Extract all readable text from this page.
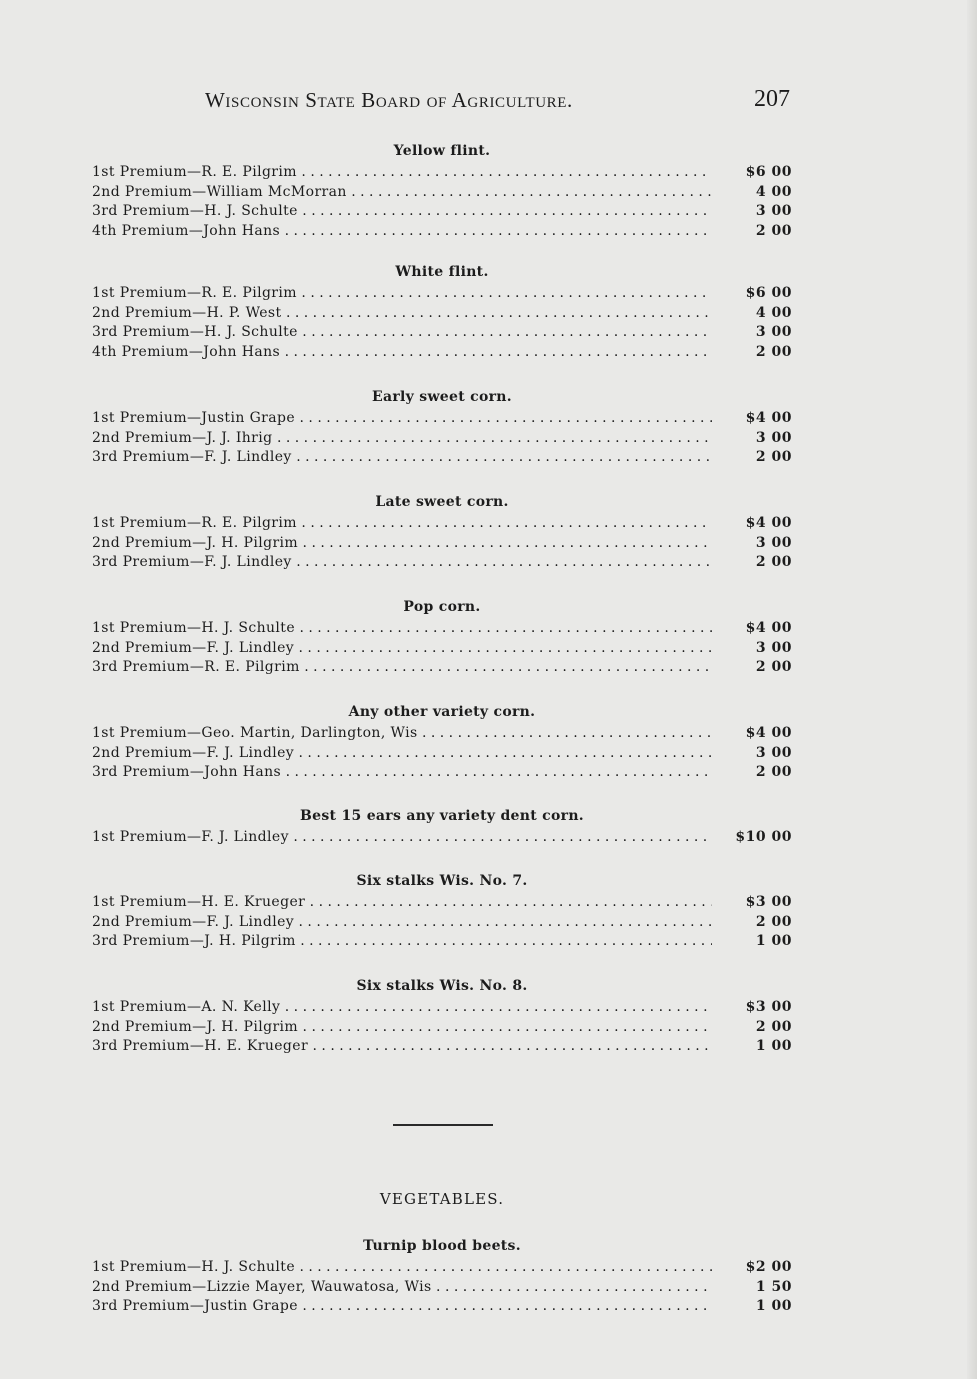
Wisconsin State Board of Agriculture.	207
Yellow flint.
1st Premium—R. E. Pilgrim . . .	$6 00
2nd Premium—William McMorran . . .	4 00
3rd Premium—H. J. Schulte . . .	3 00
4th Premium—John Hans . . .	2 00
White flint.
1st Premium—R. E. Pilgrim . . .	$6 00
2nd Premium—H. P. West . . .	4 00
3rd Premium—H. J. Schulte . . .	3 00
4th Premium—John Hans . . .	2 00
Early sweet corn.
1st Premium—Justin Grape . . .	$4 00
2nd Premium—J. J. Ihrig . . .	3 00
3rd Premium—F. J. Lindley . . .	2 00
Late sweet corn.
1st Premium—R. E. Pilgrim . . .	$4 00
2nd Premium—J. H. Pilgrim . . .	3 00
3rd Premium—F. J. Lindley . . .	2 00
Pop corn.
1st Premium—H. J. Schulte . . .	$4 00
2nd Premium—F. J. Lindley . . .	3 00
3rd Premium—R. E. Pilgrim . . .	2 00
Any other variety corn.
1st Premium—Geo. Martin, Darlington, Wis . . .	$4 00
2nd Premium—F. J. Lindley . . .	3 00
3rd Premium—John Hans . . .	2 00
Best 15 ears any variety dent corn.
1st Premium—F. J. Lindley . . .	$10 00
Six stalks Wis. No. 7.
1st Premium—H. E. Krueger . . .	$3 00
2nd Premium—F. J. Lindley . . .	2 00
3rd Premium—J. H. Pilgrim . . .	1 00
Six stalks Wis. No. 8.
1st Premium—A. N. Kelly . . .	$3 00
2nd Premium—J. H. Pilgrim . . .	2 00
3rd Premium—H. E. Krueger . . .	1 00
VEGETABLES.
Turnip blood beets.
1st Premium—H. J. Schulte . . .	$2 00
2nd Premium—Lizzie Mayer, Wauwatosa, Wis . . .	1 50
3rd Premium—Justin Grape . . .	1 00
